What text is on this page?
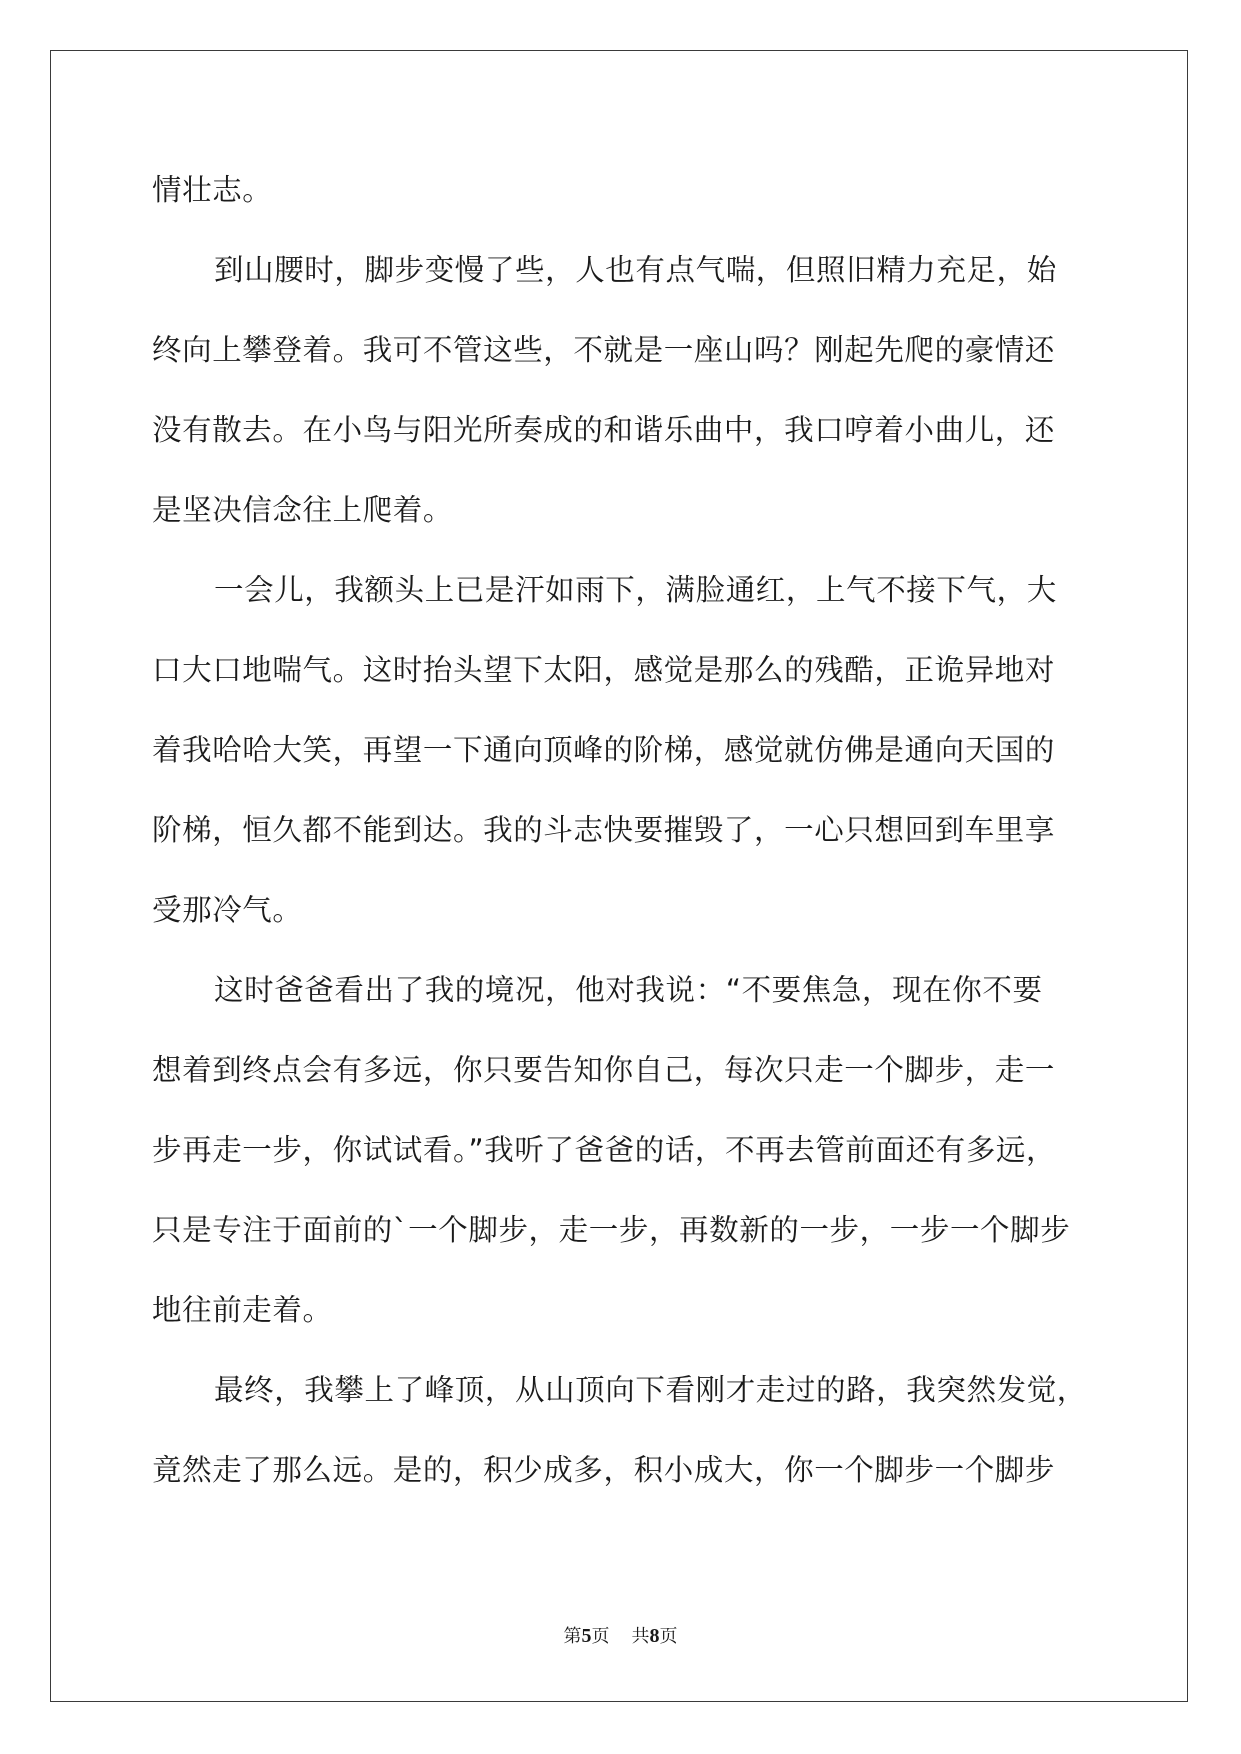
情壮志。
到山腰时，脚步变慢了些，人也有点气喘，但照旧精力充足，始
终向上攀登着。我可不管这些，不就是一座山吗？刚起先爬的豪情还
没有散去。在小鸟与阳光所奏成的和谐乐曲中，我口哼着小曲儿，还
是坚决信念往上爬着。
一会儿，我额头上已是汗如雨下，满脸通红，上气不接下气，大
口大口地喘气。这时抬头望下太阳，感觉是那么的残酷，正诡异地对
着我哈哈大笑，再望一下通向顶峰的阶梯，感觉就仿佛是通向天国的
阶梯，恒久都不能到达。我的斗志快要摧毁了，一心只想回到车里享
受那冷气。
这时爸爸看出了我的境况，他对我说：“不要焦急，现在你不要
想着到终点会有多远，你只要告知你自己，每次只走一个脚步，走一
步再走一步，你试试看。”我听了爸爸的话，不再去管前面还有多远，
只是专注于面前的`一个脚步，走一步，再数新的一步，一步一个脚步
地往前走着。
最终，我攀上了峰顶，从山顶向下看刚才走过的路，我突然发觉，
竟然走了那么远。是的，积少成多，积小成大，你一个脚步一个脚步
第5页 共8页
